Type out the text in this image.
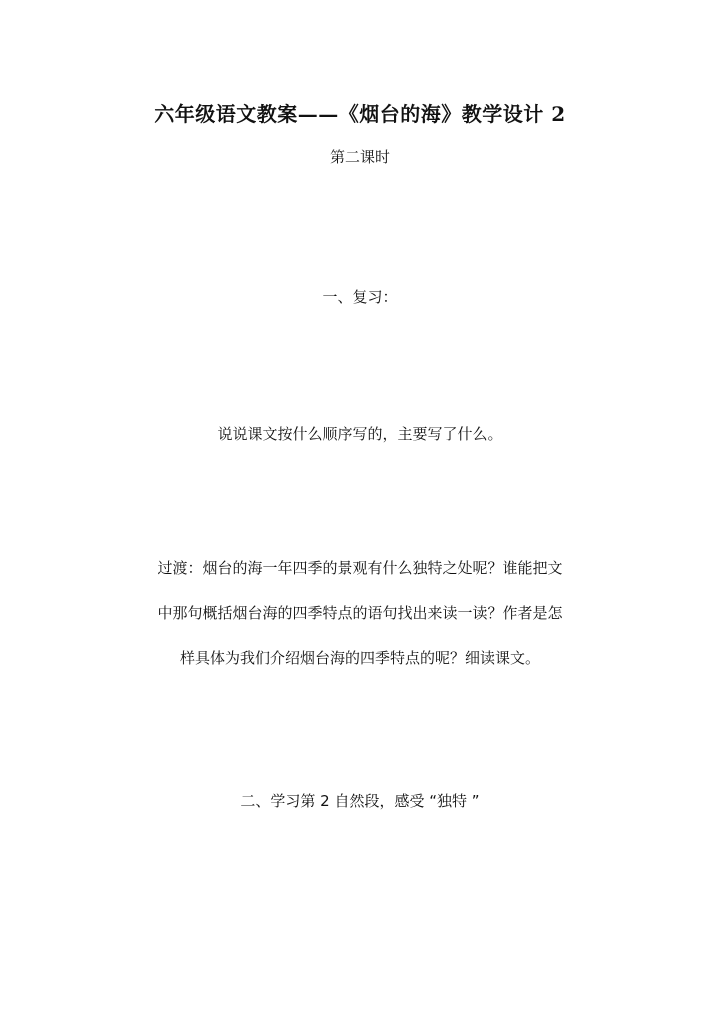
六年级语文教案——《烟台的海》教学设计 2
第二课时
一、复习：
说说课文按什么顺序写的，主要写了什么。
过渡：烟台的海一年四季的景观有什么独特之处呢？谁能把文
中那句概括烟台海的四季特点的语句找出来读一读？作者是怎
样具体为我们介绍烟台海的四季特点的呢？细读课文。
二、学习第 2 自然段，感受 “独特 ”
